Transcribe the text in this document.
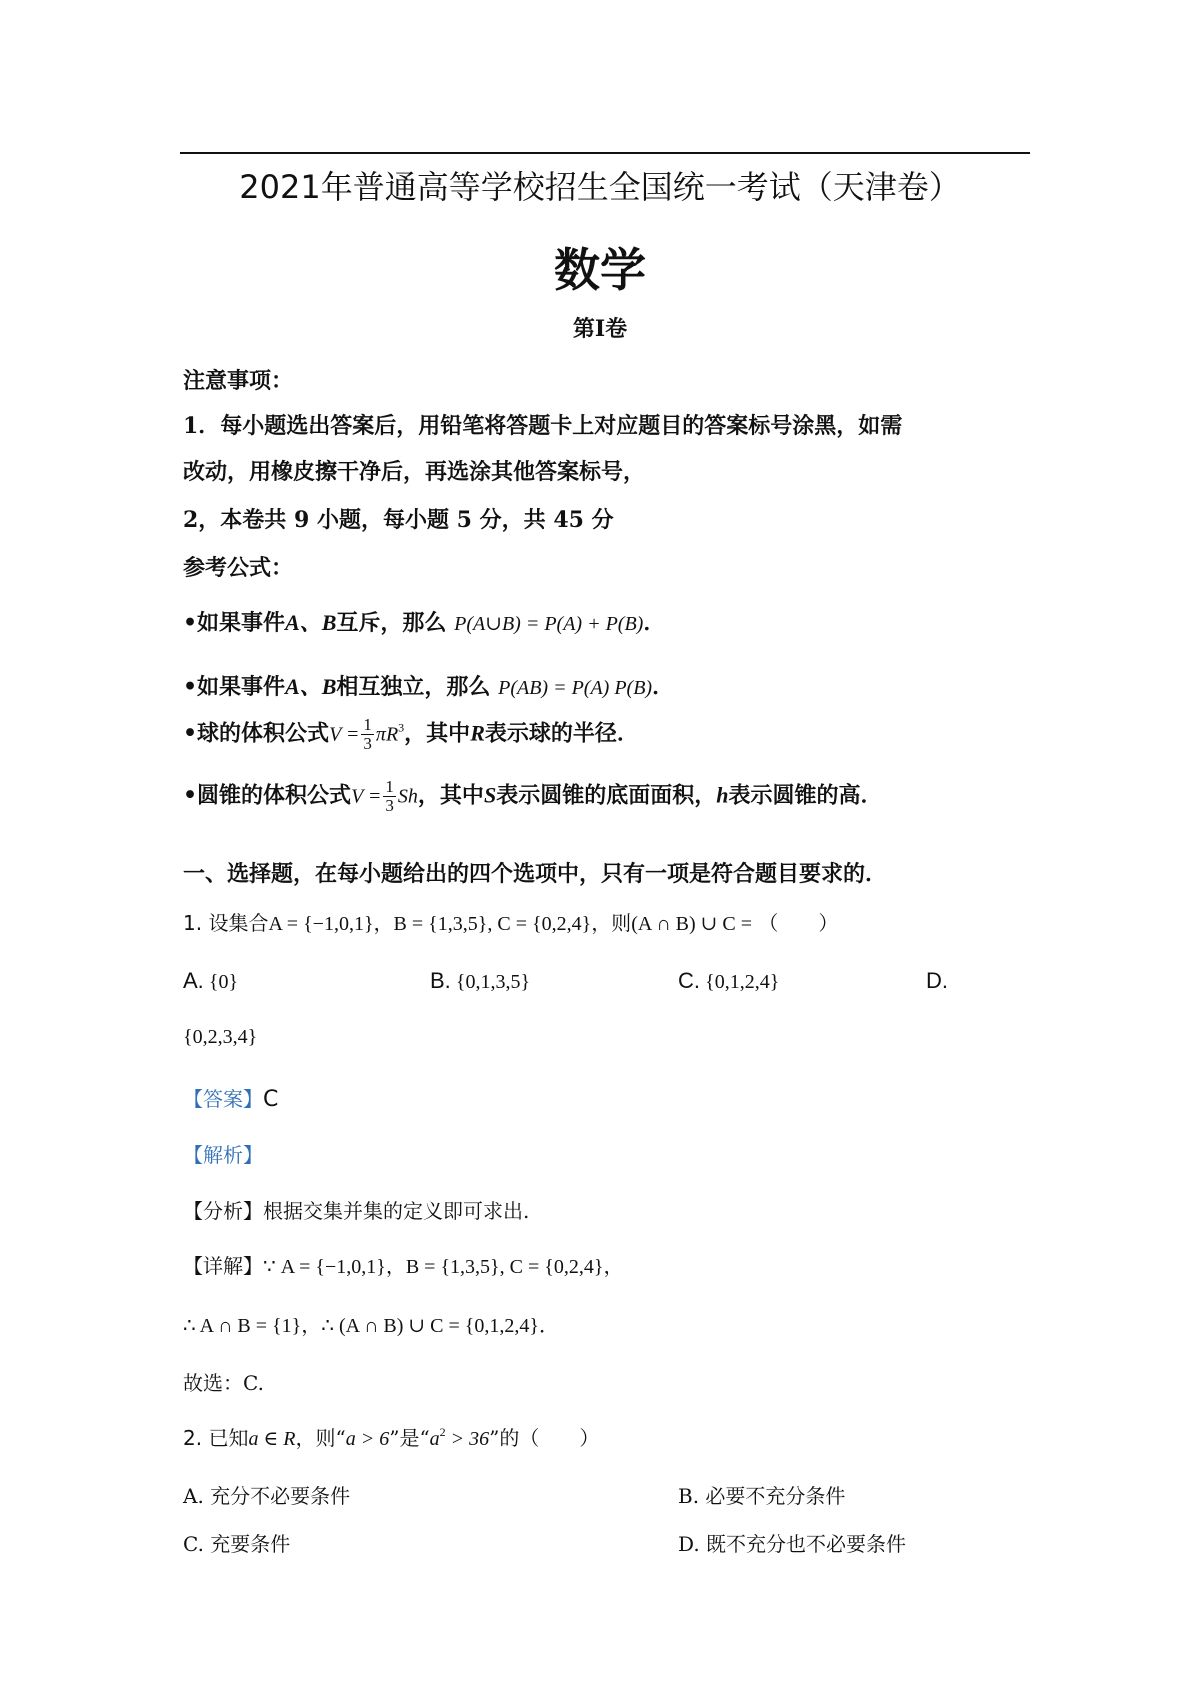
2021年普通高等学校招生全国统一考试（天津卷）
数学
第Ⅰ卷
注意事项：
1．每小题选出答案后，用铅笔将答题卡上对应题目的答案标号涂黑，如需
改动，用橡皮擦干净后，再选涂其他答案标号，
2，本卷共 9 小题，每小题 5 分，共 45 分
参考公式：
•如果事件A、B互斥，那么 P(A∪B) = P(A) + P(B)．
•如果事件A、B相互独立，那么 P(AB) = P(A) P(B)．
•球的体积公式$V = \frac{1}{3} \pi R^3$，其中R表示球的半径．
•圆锥的体积公式$V = \frac{1}{3}$ Sh，其中S表示圆锥的底面面积，h表示圆锥的高．
一、选择题，在每小题给出的四个选项中，只有一项是符合题目要求的．
1. 设集合A = {−1,0,1}，B = {1,3,5}, C = {0,2,4}，则(A ∩ B) ∪ C = （　　）
A. {0}	B. {0,1,3,5}	C. {0,1,2,4}	D.
{0,2,3,4}
【答案】C
【解析】
【分析】根据交集并集的定义即可求出.
【详解】∵ A = {−1,0,1}，B = {1,3,5}, C = {0,2,4}，
∴ A ∩ B = {1}，∴ (A ∩ B) ∪ C = {0,1,2,4}．
故选：C.
2. 已知a ∈ R，则“a > 6”是“$a^2 > 36$”的（　　）
A. 充分不必要条件	B. 必要不充分条件
C. 充要条件	D. 既不充分也不必要条件
